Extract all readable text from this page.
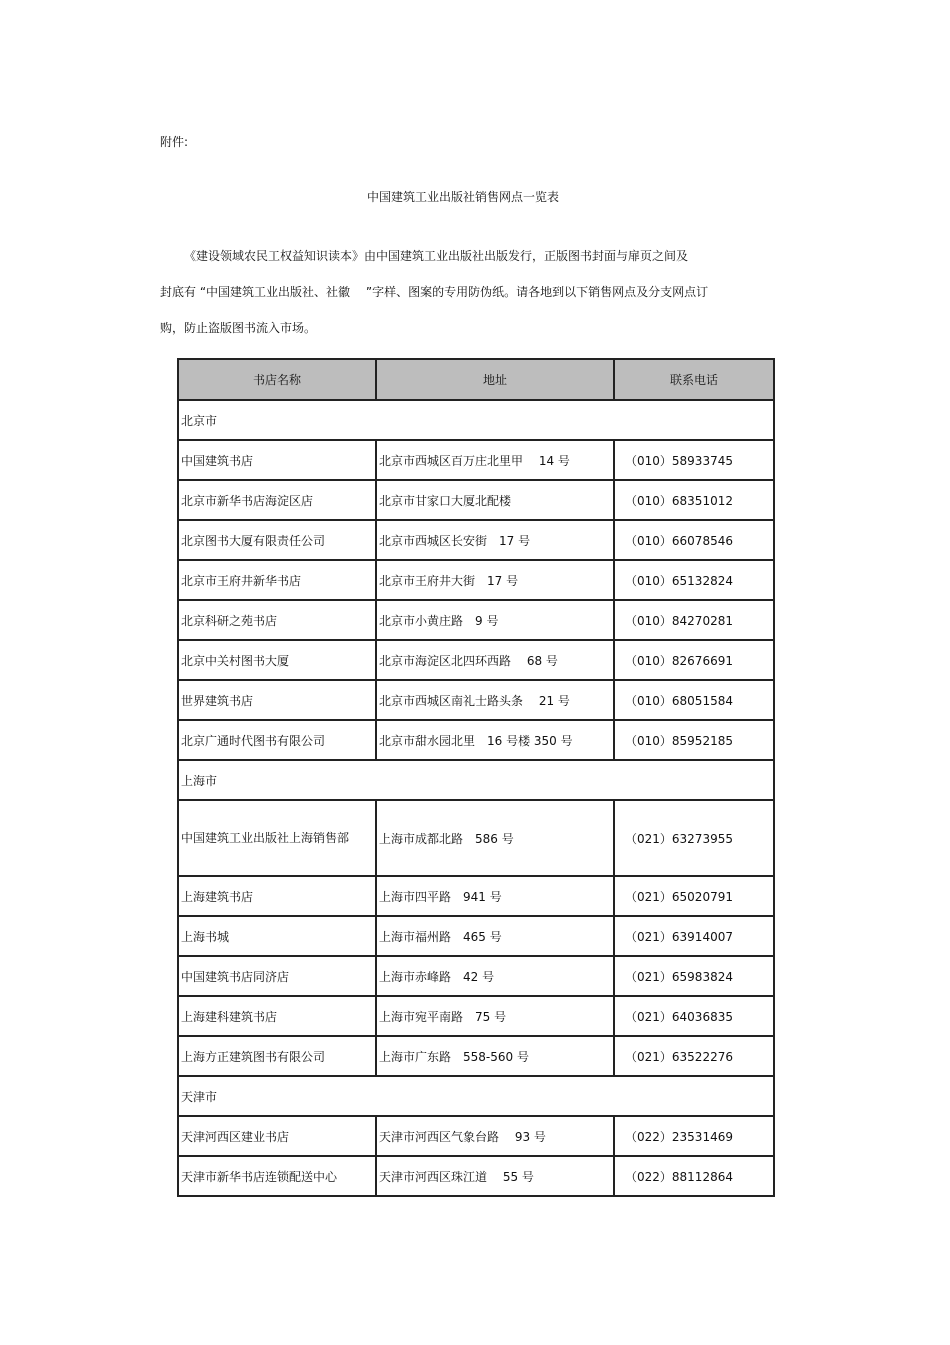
附件:
中国建筑工业出版社销售网点一览表

《建设领域农民工权益知识读本》由中国建筑工业出版社出版发行，正版图书封面与扉页之间及

封底有 “中国建筑工业出版社、社徽　 ”字样、图案的专用防伪纸。请各地到以下销售网点及分支网点订

购，防止盗版图书流入市场。

书店名称	地址	联系电话
北京市		
中国建筑书店	北京市西城区百万庄北里甲　 14 号	（010）58933745
北京市新华书店海淀区店	北京市甘家口大厦北配楼	（010）68351012
北京图书大厦有限责任公司	北京市西城区长安街　17 号	（010）66078546
北京市王府井新华书店	北京市王府井大街　17 号	（010）65132824
北京科研之苑书店	北京市小黄庄路　9 号	（010）84270281
北京中关村图书大厦	北京市海淀区北四环西路　 68 号	（010）82676691
世界建筑书店	北京市西城区南礼士路头条　 21 号	（010）68051584
北京广通时代图书有限公司	北京市甜水园北里　16 号楼 350 号	（010）85952185
上海市		
中国建筑工业出版社上海销售部	上海市成都北路　586 号	（021）63273955
上海建筑书店	上海市四平路　941 号	（021）65020791
上海书城	上海市福州路　465 号	（021）63914007
中国建筑书店同济店	上海市赤峰路　42 号	（021）65983824
上海建科建筑书店	上海市宛平南路　75 号	（021）64036835
上海方正建筑图书有限公司	上海市广东路　558-560 号	（021）63522276
天津市		
天津河西区建业书店	天津市河西区气象台路　 93 号	（022）23531469
天津市新华书店连锁配送中心	天津市河西区珠江道　 55 号	（022）88112864
